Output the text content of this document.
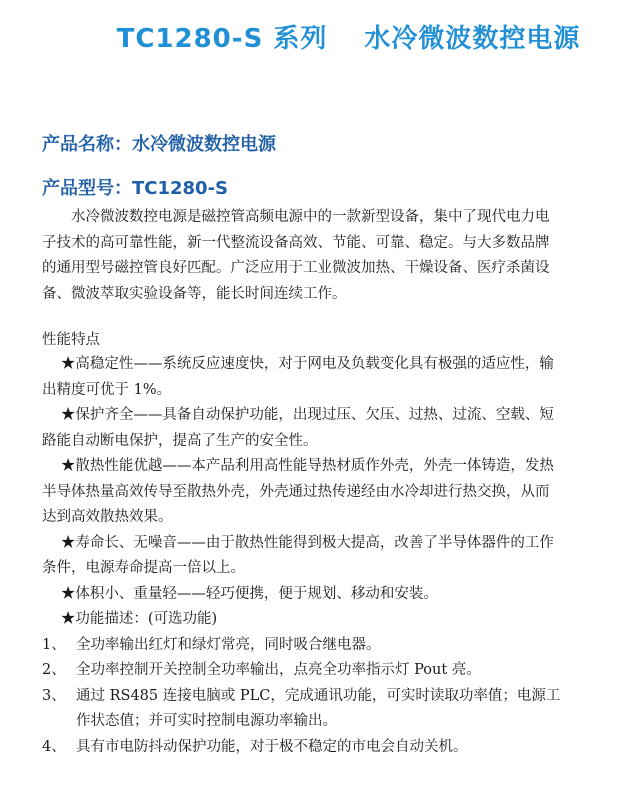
TC1280-S 系列　 水冷微波数控电源
产品名称：水冷微波数控电源
产品型号：TC1280-S
水冷微波数控电源是磁控管高频电源中的一款新型设备，集中了现代电力电子技术的高可靠性能，新一代整流设备高效、节能、可靠、稳定。与大多数品牌的通用型号磁控管良好匹配。广泛应用于工业微波加热、干燥设备、医疗杀菌设备、微波萃取实验设备等，能长时间连续工作。
性能特点

★高稳定性——系统反应速度快，对于网电及负载变化具有极强的适应性，输出精度可优于 1%。

★保护齐全——具备自动保护功能，出现过压、欠压、过热、过流、空载、短路能自动断电保护，提高了生产的安全性。

★散热性能优越——本产品利用高性能导热材质作外壳，外壳一体铸造，发热半导体热量高效传导至散热外壳，外壳通过热传递经由水冷却进行热交换，从而达到高效散热效果。

★寿命长、无噪音——由于散热性能得到极大提高，改善了半导体器件的工作条件，电源寿命提高一倍以上。

★体积小、重量轻——轻巧便携，便于规划、移动和安装。

★功能描述：(可选功能)

1、 全功率输出红灯和绿灯常亮，同时吸合继电器。
2、 全功率控制开关控制全功率输出，点亮全功率指示灯 Pout 亮。
3、 通过 RS485 连接电脑或 PLC，完成通讯功能，可实时读取功率值；电源工作状态值；并可实时控制电源功率输出。
4、 具有市电防抖动保护功能，对于极不稳定的市电会自动关机。
